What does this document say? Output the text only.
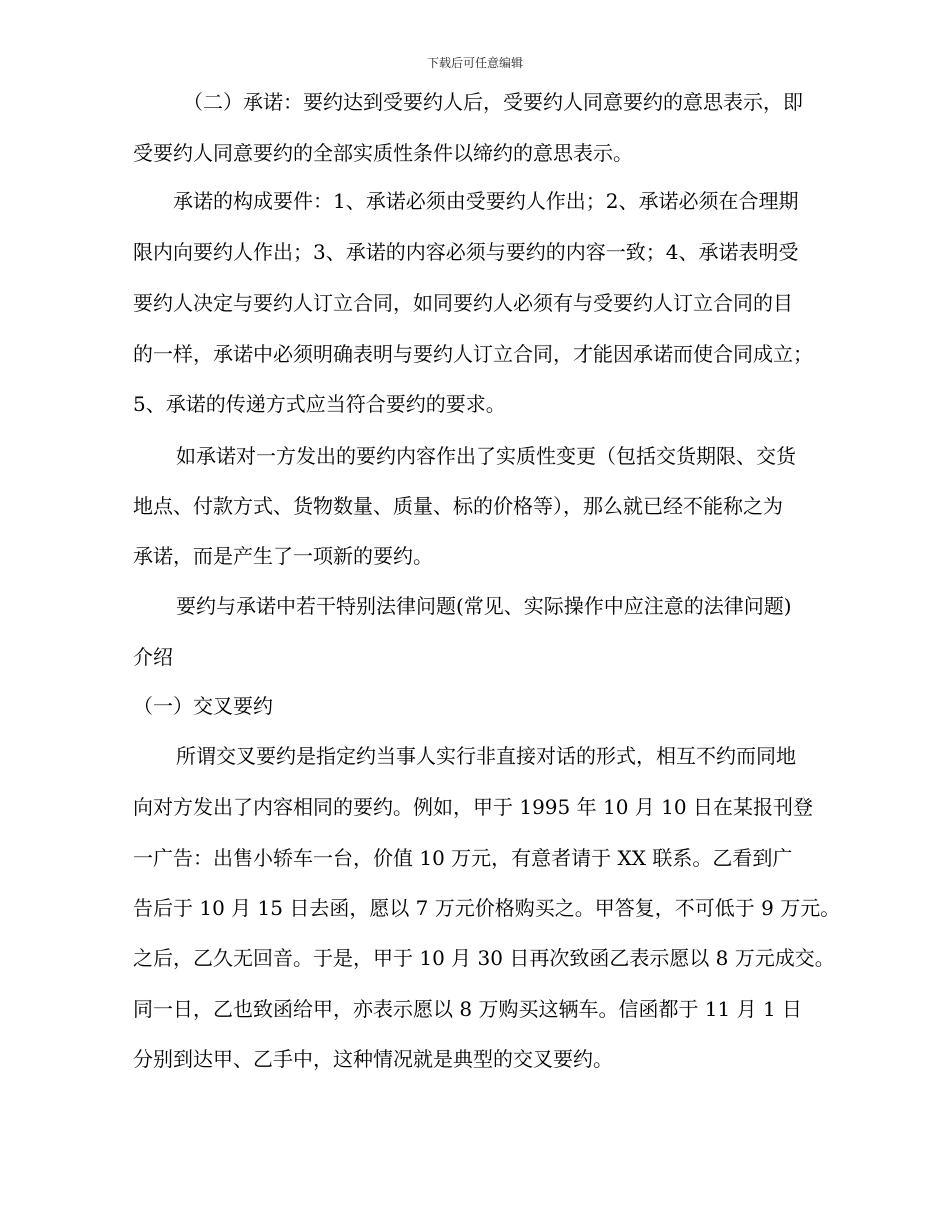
下载后可任意编辑
（二）承诺：要约达到受要约人后，受要约人同意要约的意思表示，即
受要约人同意要约的全部实质性条件以缔约的意思表示。
承诺的构成要件：1、承诺必须由受要约人作出；2、承诺必须在合理期
限内向要约人作出；3、承诺的内容必须与要约的内容一致；4、承诺表明受
要约人决定与要约人订立合同，如同要约人必须有与受要约人订立合同的目
的一样，承诺中必须明确表明与要约人订立合同，才能因承诺而使合同成立；
5、承诺的传递方式应当符合要约的要求。
如承诺对一方发出的要约内容作出了实质性变更（包括交货期限、交货
地点、付款方式、货物数量、质量、标的价格等），那么就已经不能称之为
承诺，而是产生了一项新的要约。
要约与承诺中若干特别法律问题(常见、实际操作中应注意的法律问题)
介绍
（一）交叉要约
所谓交叉要约是指定约当事人实行非直接对话的形式，相互不约而同地
向对方发出了内容相同的要约。例如，甲于 1995 年 10 月 10 日在某报刊登
一广告：出售小轿车一台，价值 10 万元，有意者请于 XX 联系。乙看到广
告后于 10 月 15 日去函，愿以 7 万元价格购买之。甲答复，不可低于 9 万元。
之后，乙久无回音。于是，甲于 10 月 30 日再次致函乙表示愿以 8 万元成交。
同一日，乙也致函给甲，亦表示愿以 8 万购买这辆车。信函都于 11 月 1 日
分别到达甲、乙手中，这种情况就是典型的交叉要约。
